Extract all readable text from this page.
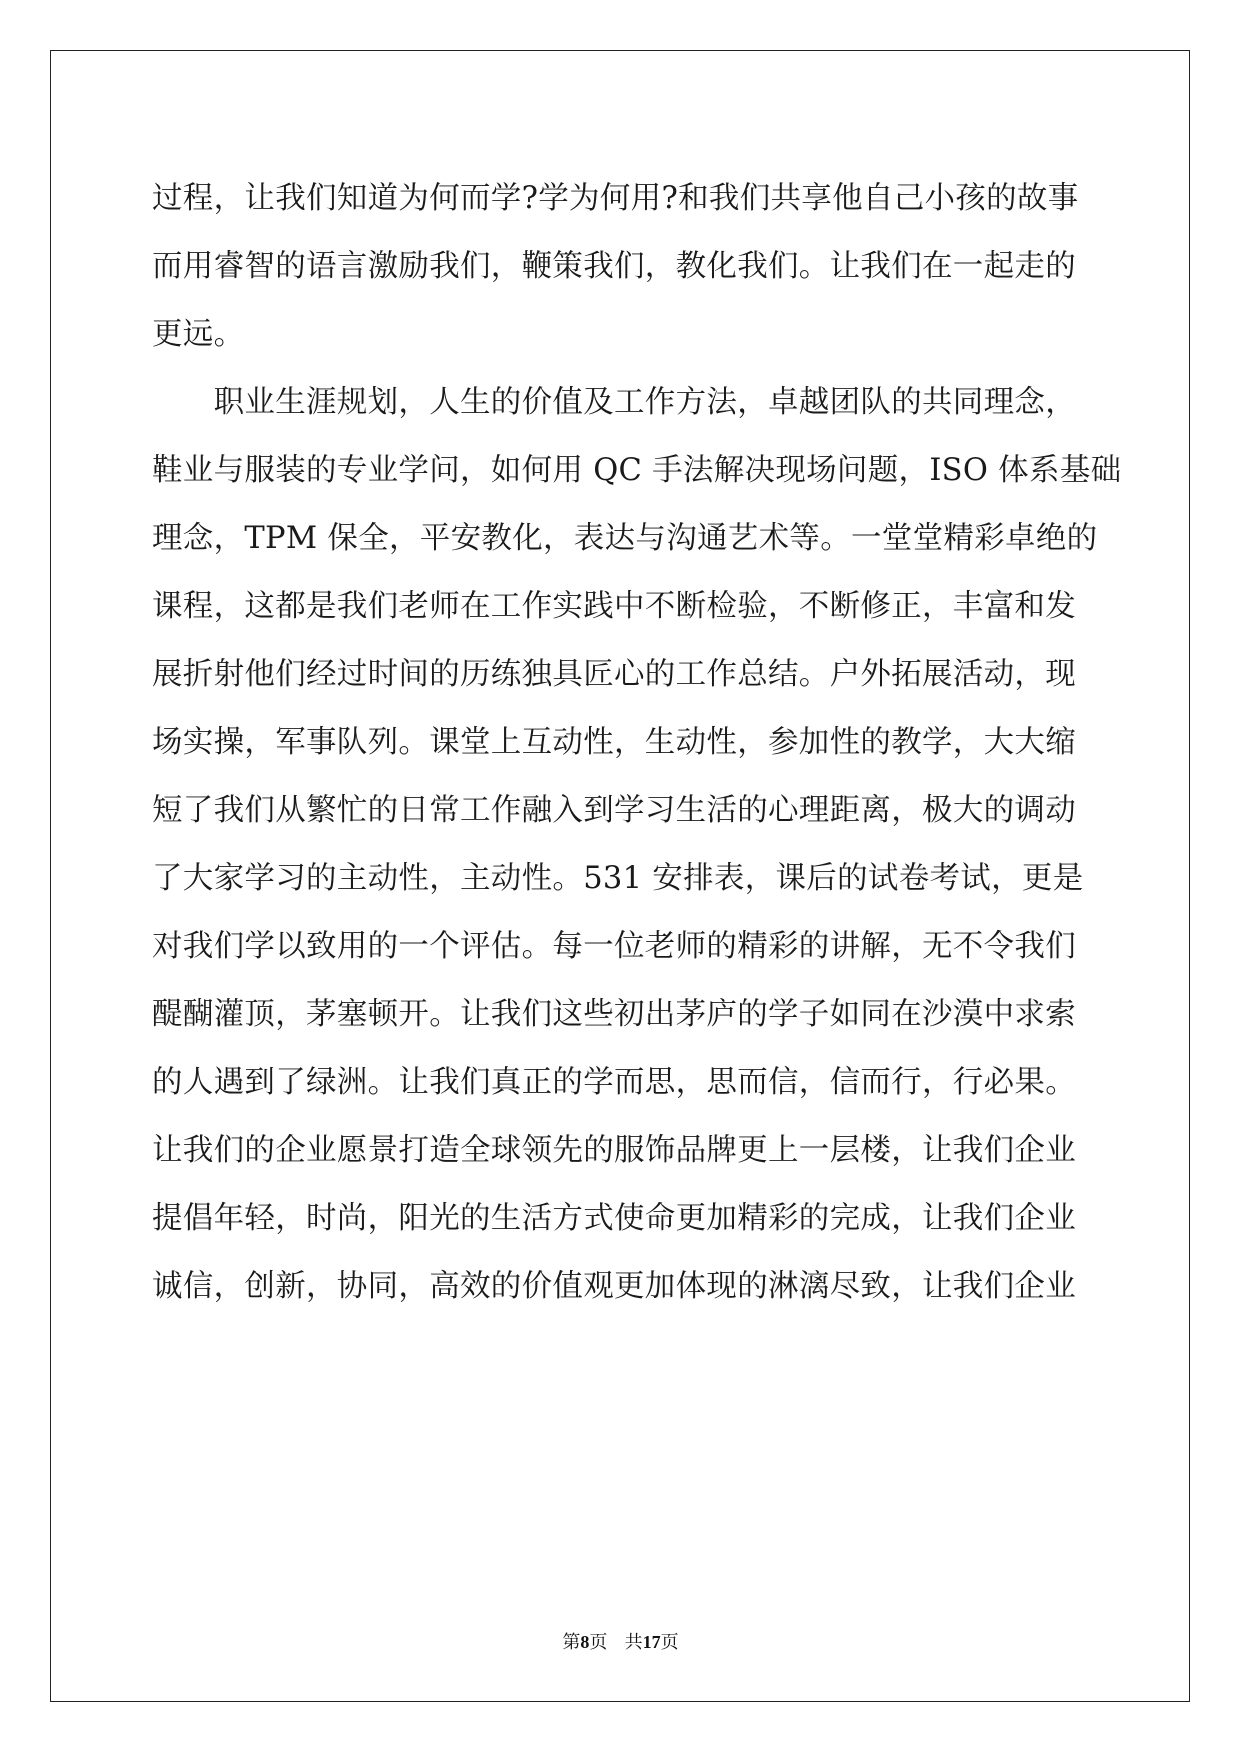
过程，让我们知道为何而学?学为何用?和我们共享他自己小孩的故事
而用睿智的语言激励我们，鞭策我们，教化我们。让我们在一起走的
更远。
　　职业生涯规划，人生的价值及工作方法，卓越团队的共同理念，
鞋业与服装的专业学问，如何用 QC 手法解决现场问题，ISO 体系基础
理念，TPM 保全，平安教化，表达与沟通艺术等。一堂堂精彩卓绝的
课程，这都是我们老师在工作实践中不断检验，不断修正，丰富和发
展折射他们经过时间的历练独具匠心的工作总结。户外拓展活动，现
场实操，军事队列。课堂上互动性，生动性，参加性的教学，大大缩
短了我们从繁忙的日常工作融入到学习生活的心理距离，极大的调动
了大家学习的主动性，主动性。531 安排表，课后的试卷考试，更是
对我们学以致用的一个评估。每一位老师的精彩的讲解，无不令我们
醍醐灌顶，茅塞顿开。让我们这些初出茅庐的学子如同在沙漠中求索
的人遇到了绿洲。让我们真正的学而思，思而信，信而行，行必果。
让我们的企业愿景打造全球领先的服饰品牌更上一层楼，让我们企业
提倡年轻，时尚，阳光的生活方式使命更加精彩的完成，让我们企业
诚信，创新，协同，高效的价值观更加体现的淋漓尽致，让我们企业
第8页 共17页
